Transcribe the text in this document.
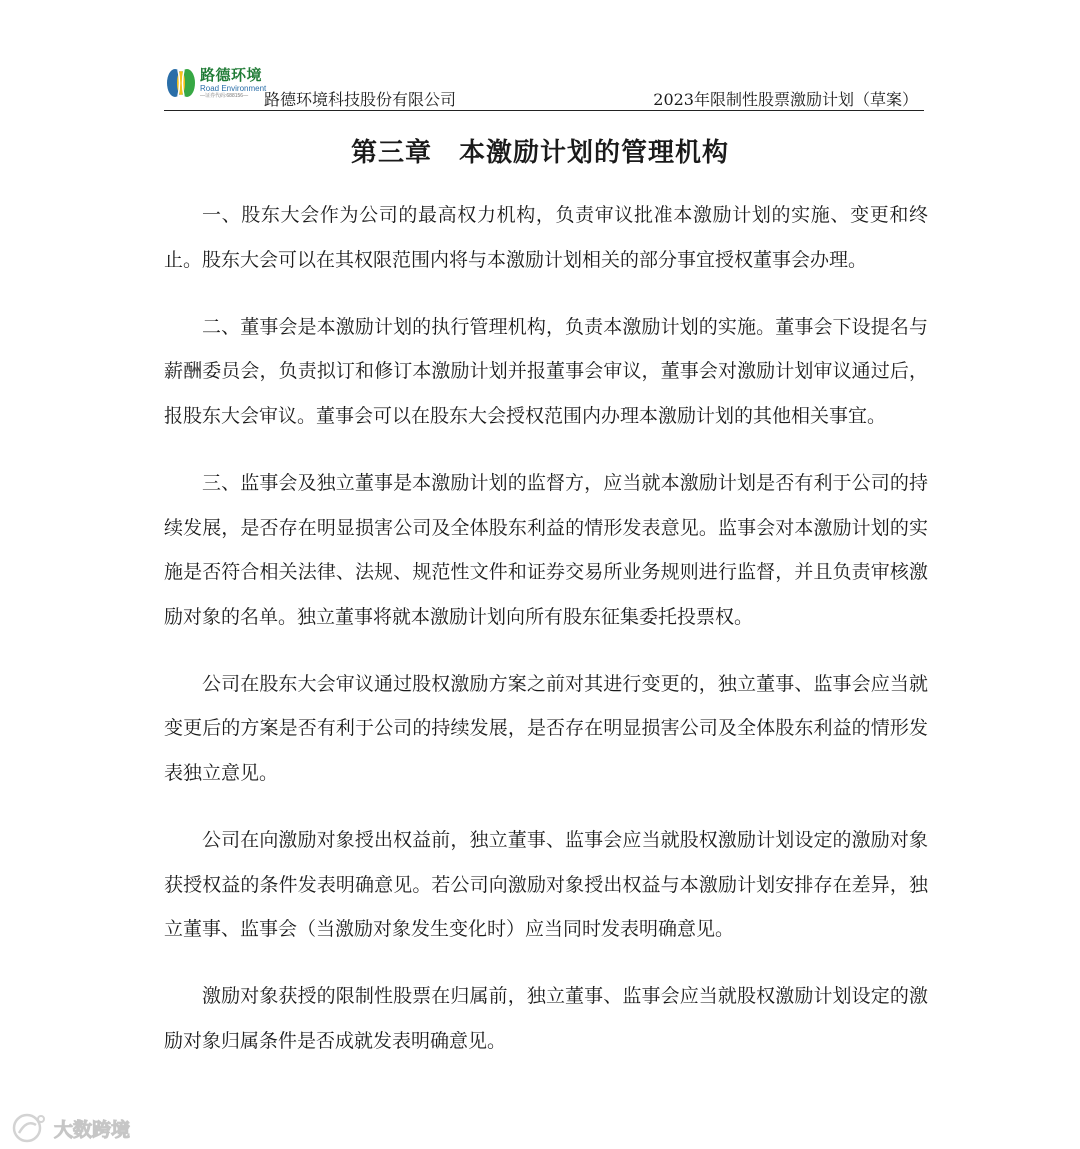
路德环境
Road Environment
—证券代码:688156— 路德环境科技股份有限公司	2023年限制性股票激励计划（草案）
第三章　本激励计划的管理机构

一、股东大会作为公司的最高权力机构，负责审议批准本激励计划的实施、变更和终止。股东大会可以在其权限范围内将与本激励计划相关的部分事宜授权董事会办理。

二、董事会是本激励计划的执行管理机构，负责本激励计划的实施。董事会下设提名与薪酬委员会，负责拟订和修订本激励计划并报董事会审议，董事会对激励计划审议通过后，报股东大会审议。董事会可以在股东大会授权范围内办理本激励计划的其他相关事宜。

三、监事会及独立董事是本激励计划的监督方，应当就本激励计划是否有利于公司的持续发展，是否存在明显损害公司及全体股东利益的情形发表意见。监事会对本激励计划的实施是否符合相关法律、法规、规范性文件和证券交易所业务规则进行监督，并且负责审核激励对象的名单。独立董事将就本激励计划向所有股东征集委托投票权。

公司在股东大会审议通过股权激励方案之前对其进行变更的，独立董事、监事会应当就变更后的方案是否有利于公司的持续发展，是否存在明显损害公司及全体股东利益的情形发表独立意见。

公司在向激励对象授出权益前，独立董事、监事会应当就股权激励计划设定的激励对象获授权益的条件发表明确意见。若公司向激励对象授出权益与本激励计划安排存在差异，独立董事、监事会（当激励对象发生变化时）应当同时发表明确意见。

激励对象获授的限制性股票在归属前，独立董事、监事会应当就股权激励计划设定的激励对象归属条件是否成就发表明确意见。

大数跨境
